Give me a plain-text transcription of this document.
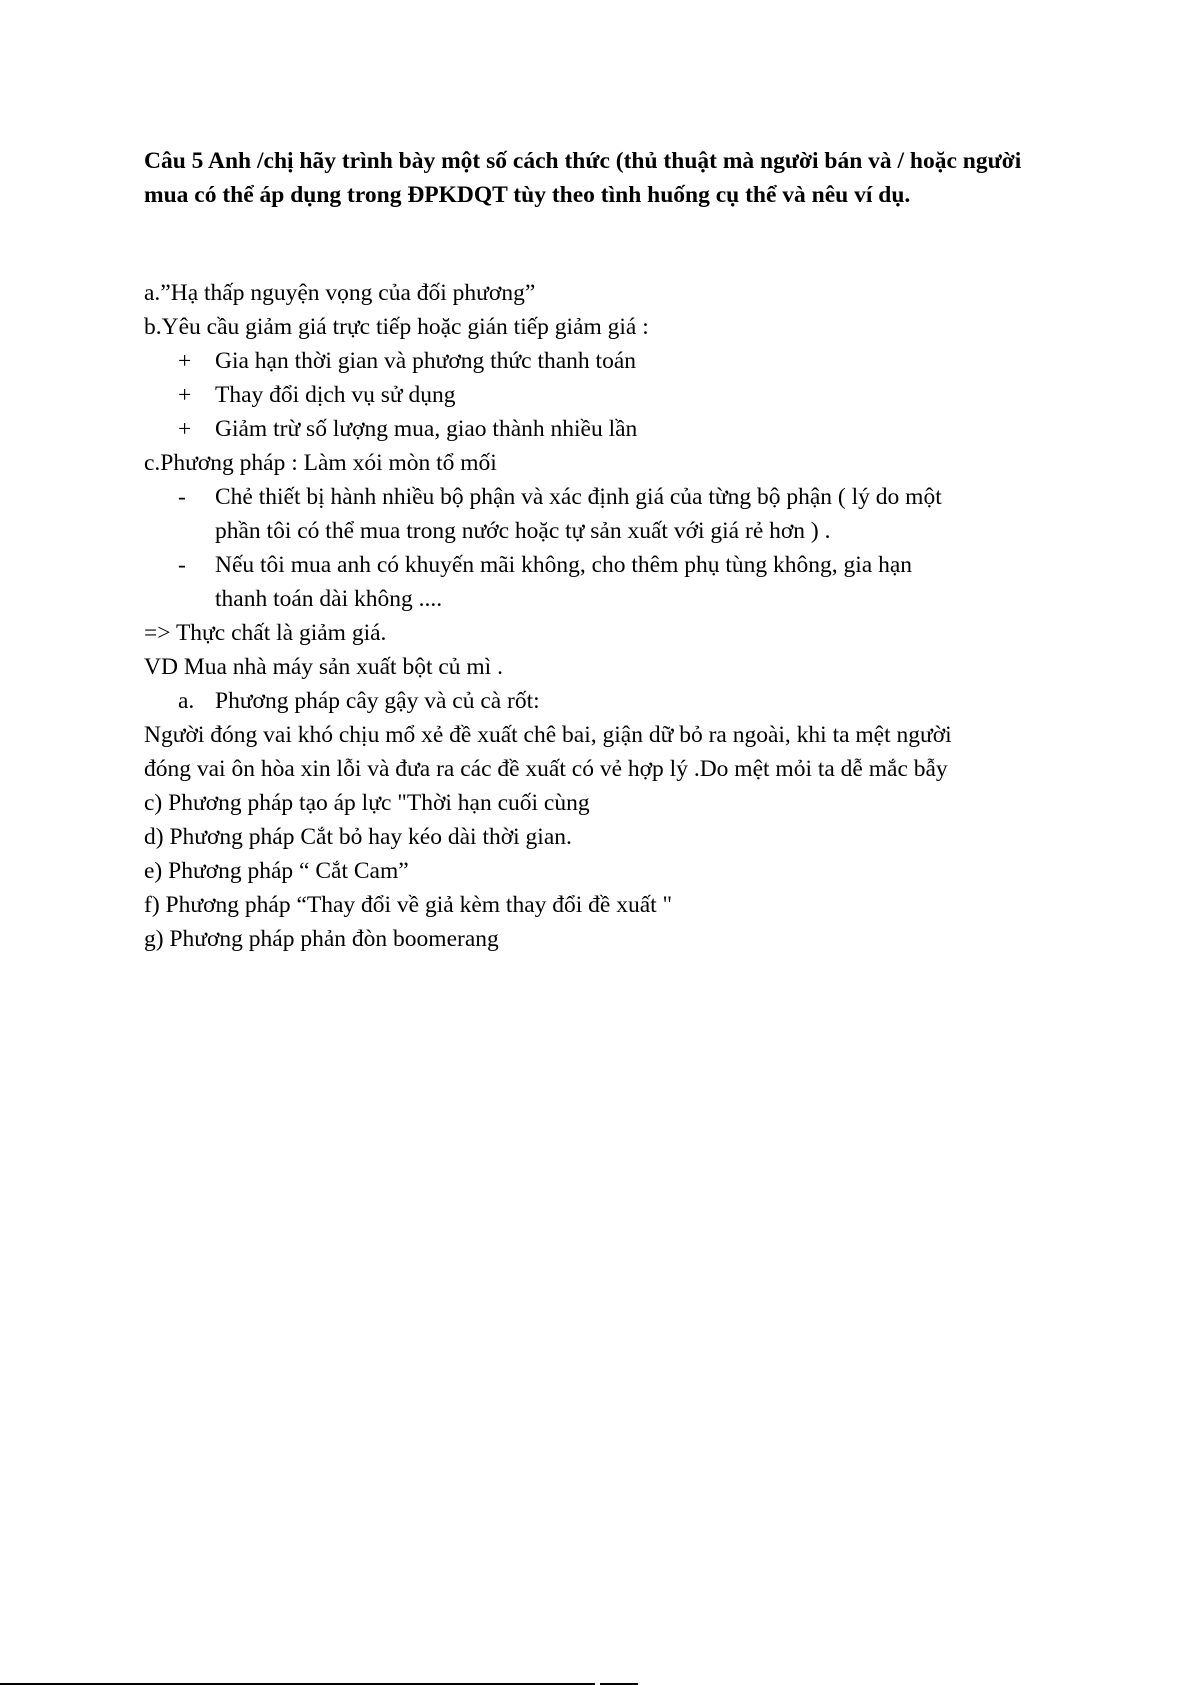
Câu 5 Anh /chị hãy trình bày một số cách thức (thủ thuật mà người bán và / hoặc người mua có thể áp dụng trong ĐPKDQT tùy theo tình huống cụ thể và nêu ví dụ.
a.”Hạ thấp nguyện vọng của đối phương”
b.Yêu cầu giảm giá trực tiếp hoặc gián tiếp giảm giá :
+ Gia hạn thời gian và phương thức thanh toán
+ Thay đổi dịch vụ sử dụng
+ Giảm trừ số lượng mua, giao thành nhiều lần
c.Phương pháp : Làm xói mòn tổ mối
- Chẻ thiết bị hành nhiều bộ phận và xác định giá của từng bộ phận ( lý do một
phần tôi có thể mua trong nước hoặc tự sản xuất với giá rẻ hơn ) .
- Nếu tôi mua anh có khuyến mãi không, cho thêm phụ tùng không, gia hạn
thanh toán dài không ....
=> Thực chất là giảm giá.
VD Mua nhà máy sản xuất bột củ mì .
a. Phương pháp cây gậy và củ cà rốt:
Người đóng vai khó chịu mổ xẻ đề xuất chê bai, giận dữ bỏ ra ngoài, khi ta mệt người
đóng vai ôn hòa xin lỗi và đưa ra các đề xuất có vẻ hợp lý .Do mệt mỏi ta dễ mắc bẫy
c) Phương pháp tạo áp lực "Thời hạn cuối cùng
d) Phương pháp Cắt bỏ hay kéo dài thời gian.
e) Phương pháp “ Cắt Cam”
f) Phương pháp “Thay đổi về giả kèm thay đổi đề xuất "
g) Phương pháp phản đòn boomerang
